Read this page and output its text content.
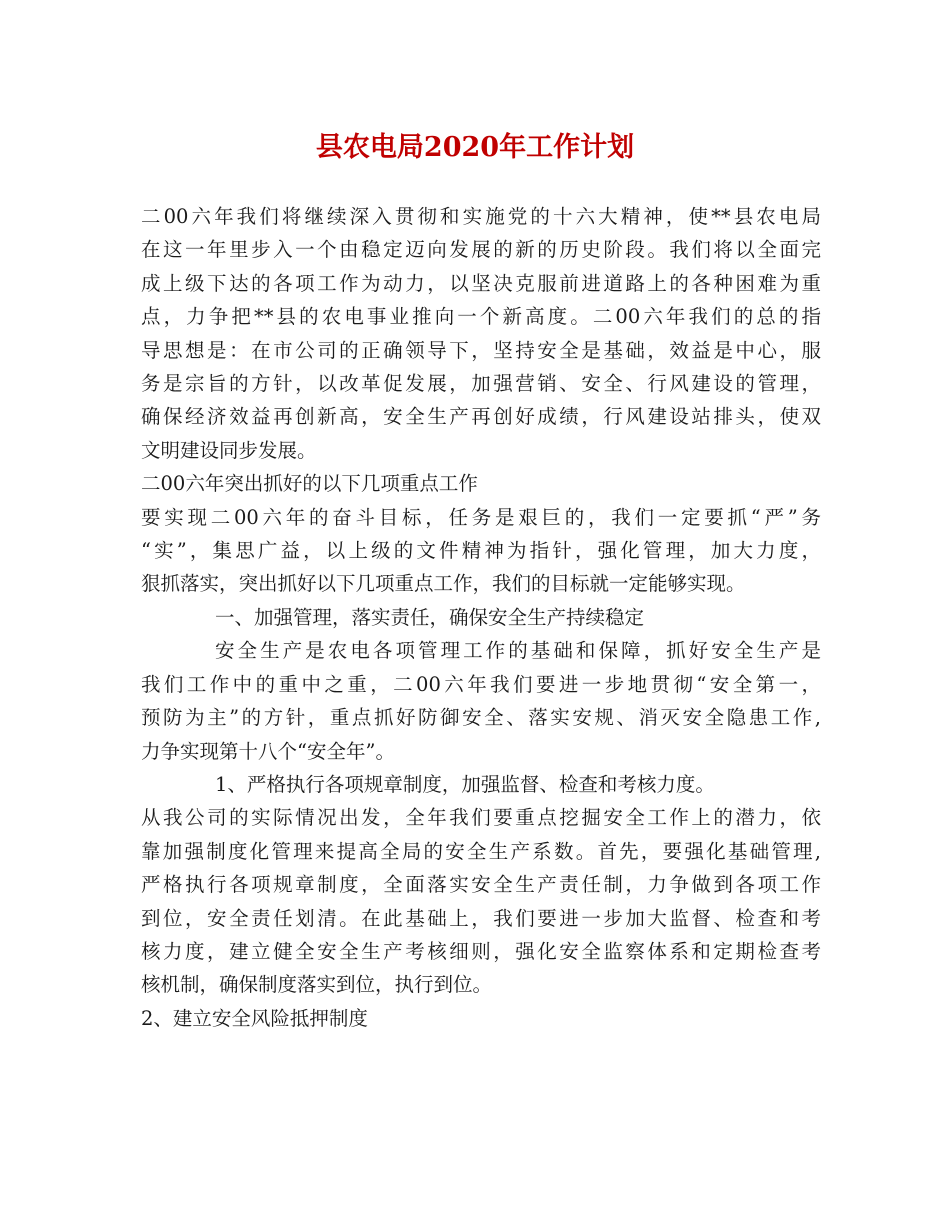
县农电局2020年工作计划

二00六年我们将继续深入贯彻和实施党的十六大精神，使**县农电局
在这一年里步入一个由稳定迈向发展的新的历史阶段。我们将以全面完
成上级下达的各项工作为动力，以坚决克服前进道路上的各种困难为重
点，力争把**县的农电事业推向一个新高度。二00六年我们的总的指
导思想是：在市公司的正确领导下，坚持安全是基础，效益是中心，服
务是宗旨的方针，以改革促发展，加强营销、安全、行风建设的管理，
确保经济效益再创新高，安全生产再创好成绩，行风建设站排头，使双
文明建设同步发展。

二00六年突出抓好的以下几项重点工作

要实现二00六年的奋斗目标，任务是艰巨的，我们一定要抓“严”务
“实”，集思广益，以上级的文件精神为指针，强化管理，加大力度，
狠抓落实，突出抓好以下几项重点工作，我们的目标就一定能够实现。

一、加强管理，落实责任，确保安全生产持续稳定

安全生产是农电各项管理工作的基础和保障，抓好安全生产是
我们工作中的重中之重，二00六年我们要进一步地贯彻“安全第一，
预防为主”的方针，重点抓好防御安全、落实安规、消灭安全隐患工作,
力争实现第十八个“安全年”。

1、严格执行各项规章制度，加强监督、检查和考核力度。

从我公司的实际情况出发，全年我们要重点挖掘安全工作上的潜力，依
靠加强制度化管理来提高全局的安全生产系数。首先，要强化基础管理,
严格执行各项规章制度，全面落实安全生产责任制，力争做到各项工作
到位，安全责任划清。在此基础上，我们要进一步加大监督、检查和考
核力度，建立健全安全生产考核细则，强化安全监察体系和定期检查考
核机制，确保制度落实到位，执行到位。

2、建立安全风险抵押制度
